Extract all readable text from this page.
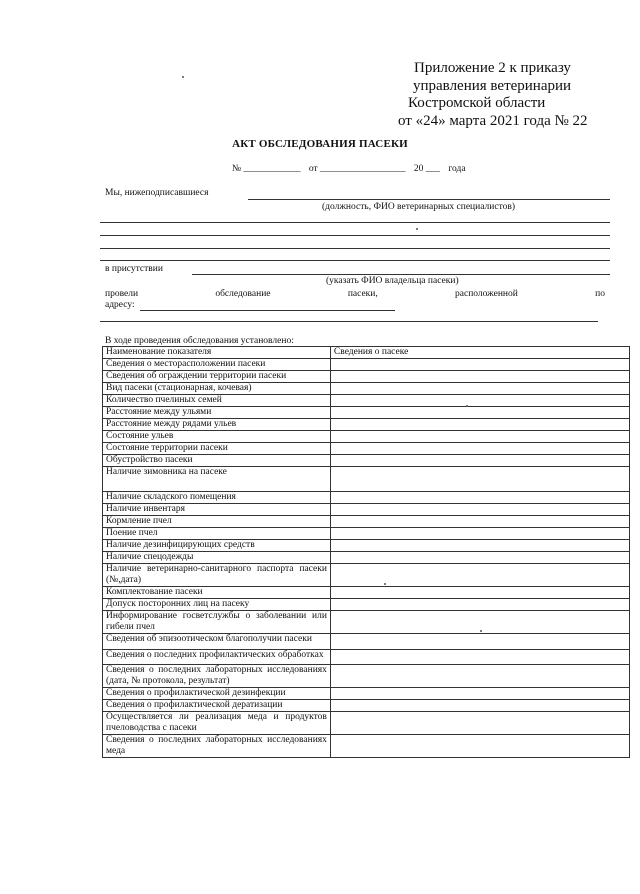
Приложение 2 к приказу
управления ветеринарии
Костромской области
от «24» марта 2021 года № 22
АКТ ОБСЛЕДОВАНИЯ ПАСЕКИ
№ ____________ от __________________ 20 ___ года
Мы, нижеподписавшиеся
(должность, ФИО ветеринарных специалистов)
в присутствии
(указать ФИО владельца пасеки)
провели	обследование	пасеки,	расположенной	по
адресу:
В ходе проведения обследования установлено:
Наименование показателя	Сведения о пасеке
Сведения о месторасположении пасеки	
Сведения об ограждении территории пасеки	
Вид пасеки (стационарная, кочевая)	
Количество пчелиных семей	
Расстояние между ульями	
Расстояние между рядами ульев	
Состояние ульев	
Состояние территории пасеки	
Обустройство пасеки	
Наличие зимовника на пасеке	
Наличие складского помещения	
Наличие инвентаря	
Кормление пчел	
Поение пчел	
Наличие дезинфицирующих средств	
Наличие спецодежды	
Наличие ветеринарно-санитарного паспорта пасеки (№,дата)	
Комплектование пасеки	
Допуск посторонних лиц на пасеку	
Информирование госветслужбы о заболевании или гибели пчел	
Сведения об эпизоотическом благополучии пасеки	
Сведения о последних профилактических обработках	
Сведения о последних лабораторных исследованиях (дата, № протокола, результат)	
Сведения о профилактической дезинфекции	
Сведения о профилактической дератизации	
Осуществляется ли реализация меда и продуктов пчеловодства с пасеки	
Сведения о последних лабораторных исследованиях меда	
